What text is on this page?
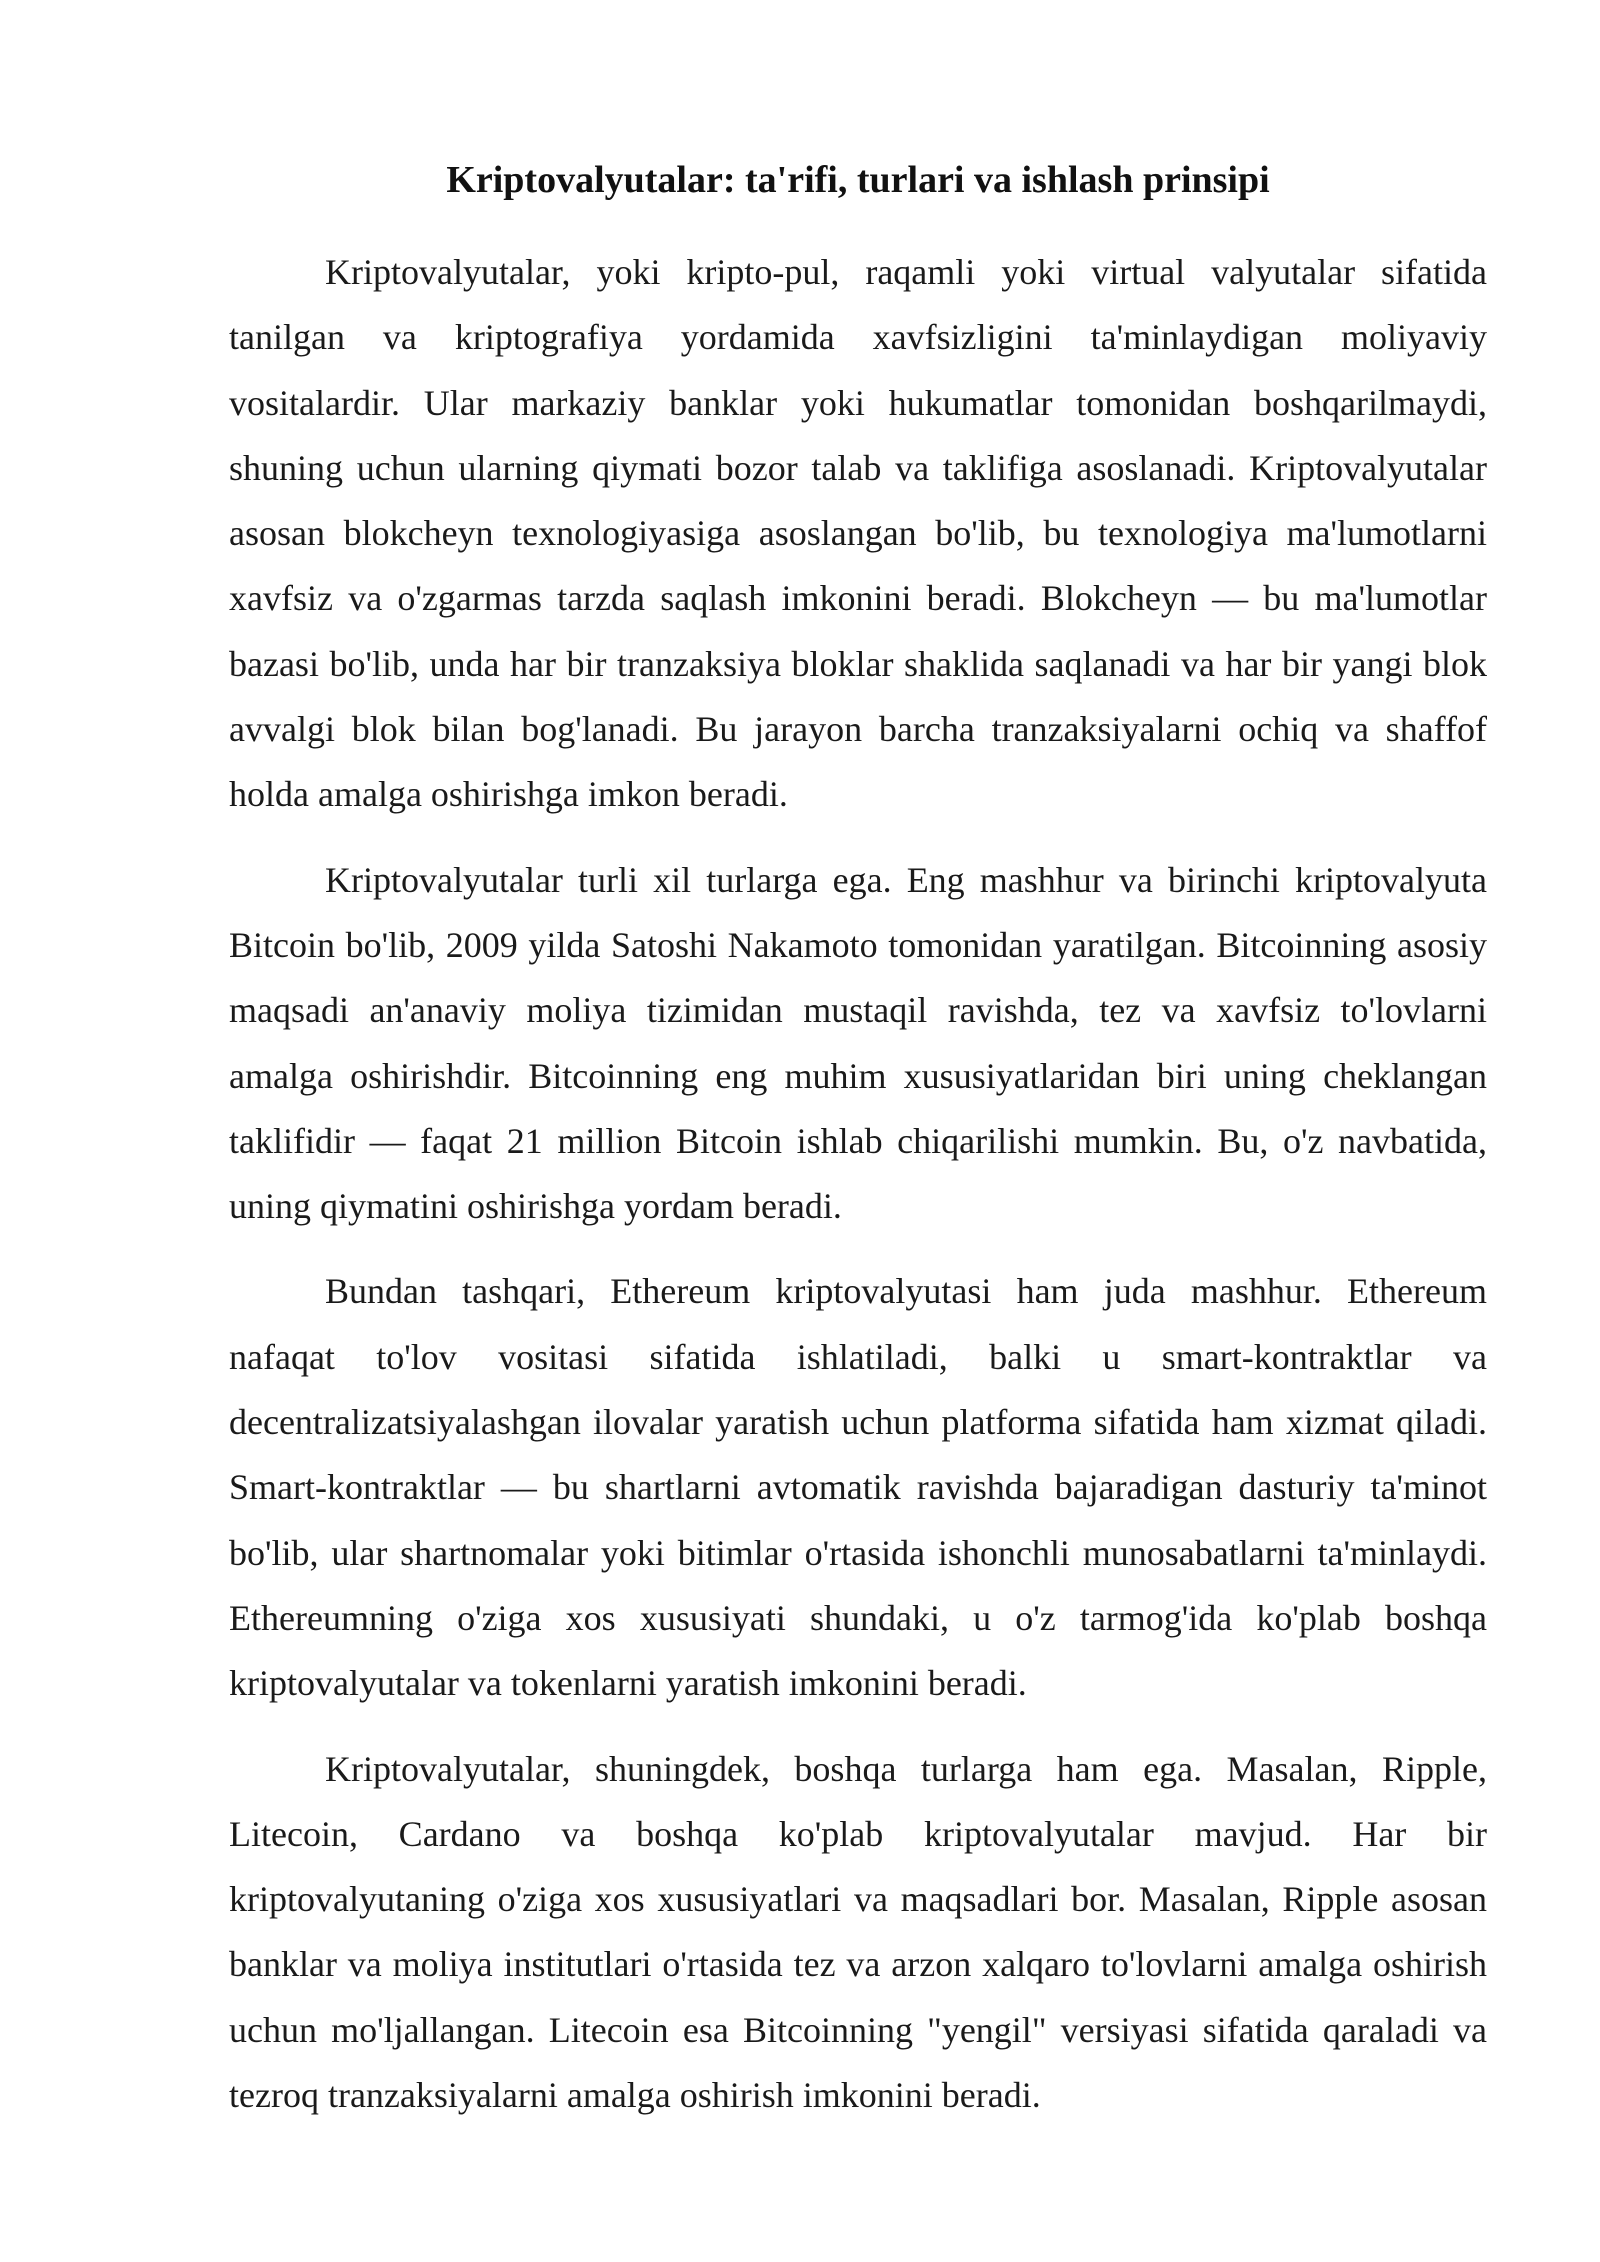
Kriptovalyutalar: ta'rifi, turlari va ishlash prinsipi

Kriptovalyutalar, yoki kripto-pul, raqamli yoki virtual valyutalar sifatida tanilgan va kriptografiya yordamida xavfsizligini ta'minlaydigan moliyaviy vositalardir. Ular markaziy banklar yoki hukumatlar tomonidan boshqarilmaydi, shuning uchun ularning qiymati bozor talab va taklifiga asoslanadi. Kriptovalyutalar asosan blokcheyn texnologiyasiga asoslangan bo'lib, bu texnologiya ma'lumotlarni xavfsiz va o'zgarmas tarzda saqlash imkonini beradi. Blokcheyn — bu ma'lumotlar bazasi bo'lib, unda har bir tranzaksiya bloklar shaklida saqlanadi va har bir yangi blok avvalgi blok bilan bog'lanadi. Bu jarayon barcha tranzaksiyalarni ochiq va shaffof holda amalga oshirishga imkon beradi.

Kriptovalyutalar turli xil turlarga ega. Eng mashhur va birinchi kriptovalyuta Bitcoin bo'lib, 2009 yilda Satoshi Nakamoto tomonidan yaratilgan. Bitcoinning asosiy maqsadi an'anaviy moliya tizimidan mustaqil ravishda, tez va xavfsiz to'lovlarni amalga oshirishdir. Bitcoinning eng muhim xususiyatlaridan biri uning cheklangan taklifidir — faqat 21 million Bitcoin ishlab chiqarilishi mumkin. Bu, o'z navbatida, uning qiymatini oshirishga yordam beradi.

Bundan tashqari, Ethereum kriptovalyutasi ham juda mashhur. Ethereum nafaqat to'lov vositasi sifatida ishlatiladi, balki u smart-kontraktlar va decentralizatsiyalashgan ilovalar yaratish uchun platforma sifatida ham xizmat qiladi. Smart-kontraktlar — bu shartlarni avtomatik ravishda bajaradigan dasturiy ta'minot bo'lib, ular shartnomalar yoki bitimlar o'rtasida ishonchli munosabatlarni ta'minlaydi. Ethereumning o'ziga xos xususiyati shundaki, u o'z tarmog'ida ko'plab boshqa kriptovalyutalar va tokenlarni yaratish imkonini beradi.

Kriptovalyutalar, shuningdek, boshqa turlarga ham ega. Masalan, Ripple, Litecoin, Cardano va boshqa ko'plab kriptovalyutalar mavjud. Har bir kriptovalyutaning o'ziga xos xususiyatlari va maqsadlari bor. Masalan, Ripple asosan banklar va moliya institutlari o'rtasida tez va arzon xalqaro to'lovlarni amalga oshirish uchun mo'ljallangan. Litecoin esa Bitcoinning "yengil" versiyasi sifatida qaraladi va tezroq tranzaksiyalarni amalga oshirish imkonini beradi.
